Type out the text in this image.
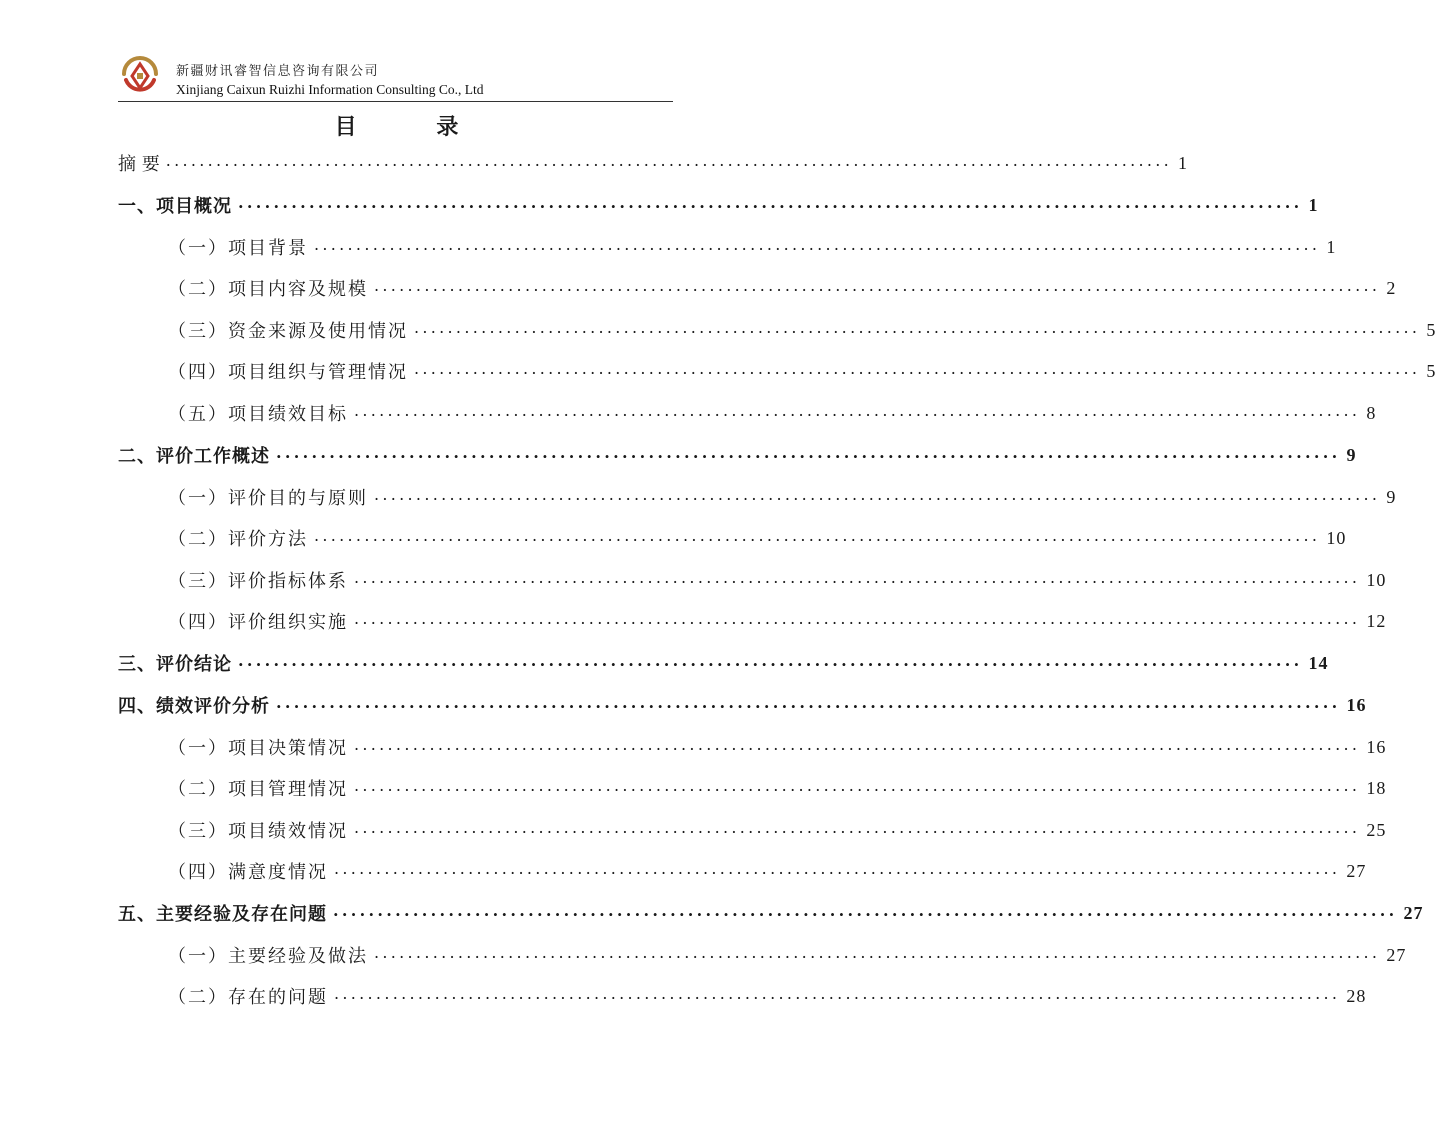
新疆财讯睿智信息咨询有限公司
Xinjiang Caixun Ruizhi Information Consulting Co., Ltd
目 录
摘 要 ........................................................................................................................ 1
一、项目概况 ........................................................................................................................ 1
（一）项目背景 ........................................................................................................................ 1
（二）项目内容及规模 ........................................................................................................................ 2
（三）资金来源及使用情况 ........................................................................................................................ 5
（四）项目组织与管理情况 ........................................................................................................................ 5
（五）项目绩效目标 ........................................................................................................................ 8
二、评价工作概述 ........................................................................................................................ 9
（一）评价目的与原则 ........................................................................................................................ 9
（二）评价方法 ........................................................................................................................ 10
（三）评价指标体系 ........................................................................................................................ 10
（四）评价组织实施 ........................................................................................................................ 12
三、评价结论 ........................................................................................................................ 14
四、绩效评价分析 ........................................................................................................................ 16
（一）项目决策情况 ........................................................................................................................ 16
（二）项目管理情况 ........................................................................................................................ 18
（三）项目绩效情况 ........................................................................................................................ 25
（四）满意度情况 ........................................................................................................................ 27
五、主要经验及存在问题 ........................................................................................................................ 27
（一）主要经验及做法 ........................................................................................................................ 27
（二）存在的问题 ........................................................................................................................ 28
